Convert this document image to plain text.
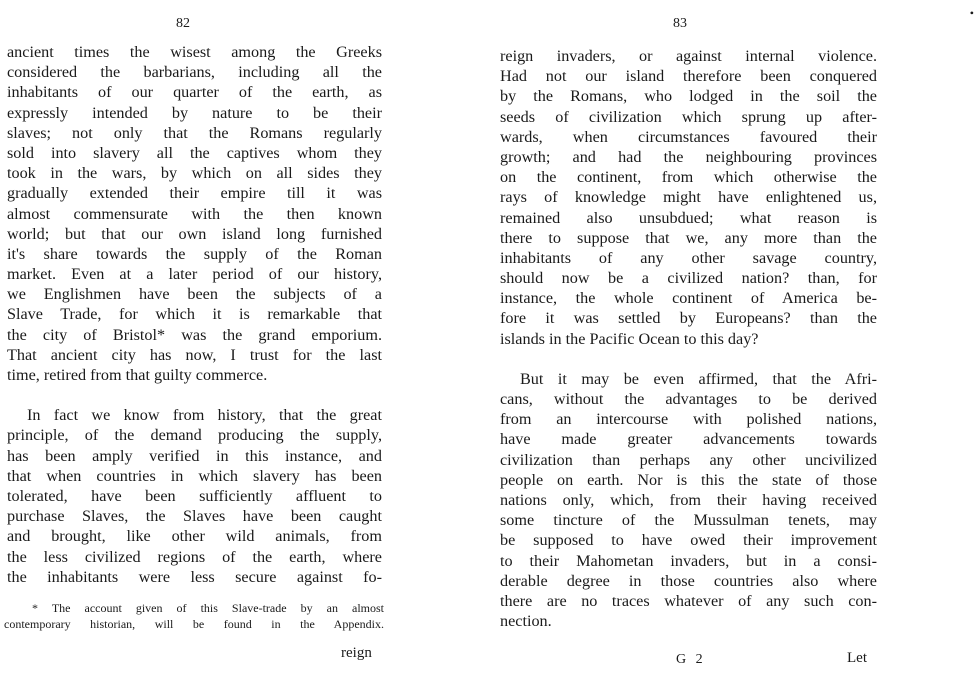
•
82
ancient times the wisest among the Greeks
considered the barbarians, including all the
inhabitants of our quarter of the earth, as
expressly intended by nature to be their
slaves; not only that the Romans regularly
sold into slavery all the captives whom they
took in the wars, by which on all sides they
gradually extended their empire till it was
almost commensurate with the then known
world; but that our own island long furnished
it's share towards the supply of the Roman
market. Even at a later period of our history,
we Englishmen have been the subjects of a
Slave Trade, for which it is remarkable that
the city of Bristol* was the grand emporium.
That ancient city has now, I trust for the last
time, retired from that guilty commerce.
In fact we know from history, that the great
principle, of the demand producing the supply,
has been amply verified in this instance, and
that when countries in which slavery has been
tolerated, have been sufficiently affluent to
purchase Slaves, the Slaves have been caught
and brought, like other wild animals, from
the less civilized regions of the earth, where
the inhabitants were less secure against fo-
* The account given of this Slave-trade by an almost
contemporary historian, will be found in the Appendix.
reign
83
reign invaders, or against internal violence.
Had not our island therefore been conquered
by the Romans, who lodged in the soil the
seeds of civilization which sprung up after-
wards, when circumstances favoured their
growth; and had the neighbouring provinces
on the continent, from which otherwise the
rays of knowledge might have enlightened us,
remained also unsubdued; what reason is
there to suppose that we, any more than the
inhabitants of any other savage country,
should now be a civilized nation? than, for
instance, the whole continent of America be-
fore it was settled by Europeans? than the
islands in the Pacific Ocean to this day?
But it may be even affirmed, that the Afri-
cans, without the advantages to be derived
from an intercourse with polished nations,
have made greater advancements towards
civilization than perhaps any other uncivilized
people on earth. Nor is this the state of those
nations only, which, from their having received
some tincture of the Mussulman tenets, may
be supposed to have owed their improvement
to their Mahometan invaders, but in a consi-
derable degree in those countries also where
there are no traces whatever of any such con-
nection.
G 2	Let
